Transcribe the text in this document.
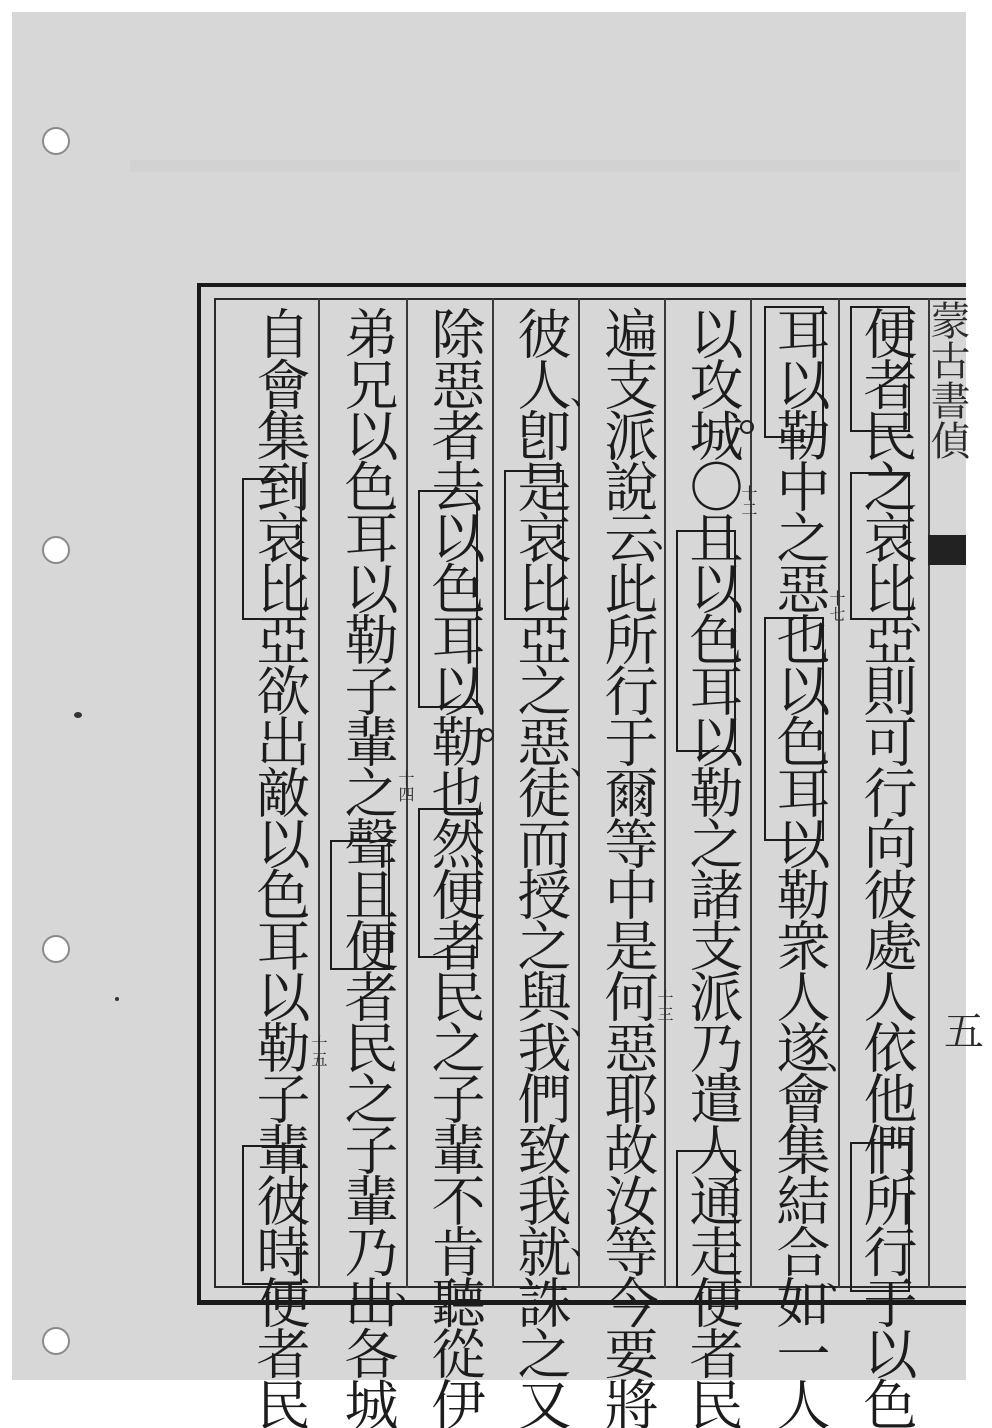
蒙古書偵
五
便者民之哀比亞則可行向彼處人依他們所行于以色
耳以勒中之惡也以色耳以勒衆人遂會集結合如一人
以攻城〇且以色耳以勒之諸支派乃遣人通走便者民
遍支派說云此所行于爾等中是何惡耶故汝等今要將
彼人卽是哀比亞之惡徒而授之與我們致我就誅之又
除惡者去以色耳以勒也然便者民之子輩不肯聽從伊
弟兄以色耳以勒子輩之聲且便者民之子輩乃出各城
自會集到哀比亞欲出敵以色耳以勒子輩彼時便者民	、
、
、
、
、
、
、
、
、
、
十二
十三
十四
十五
十七
